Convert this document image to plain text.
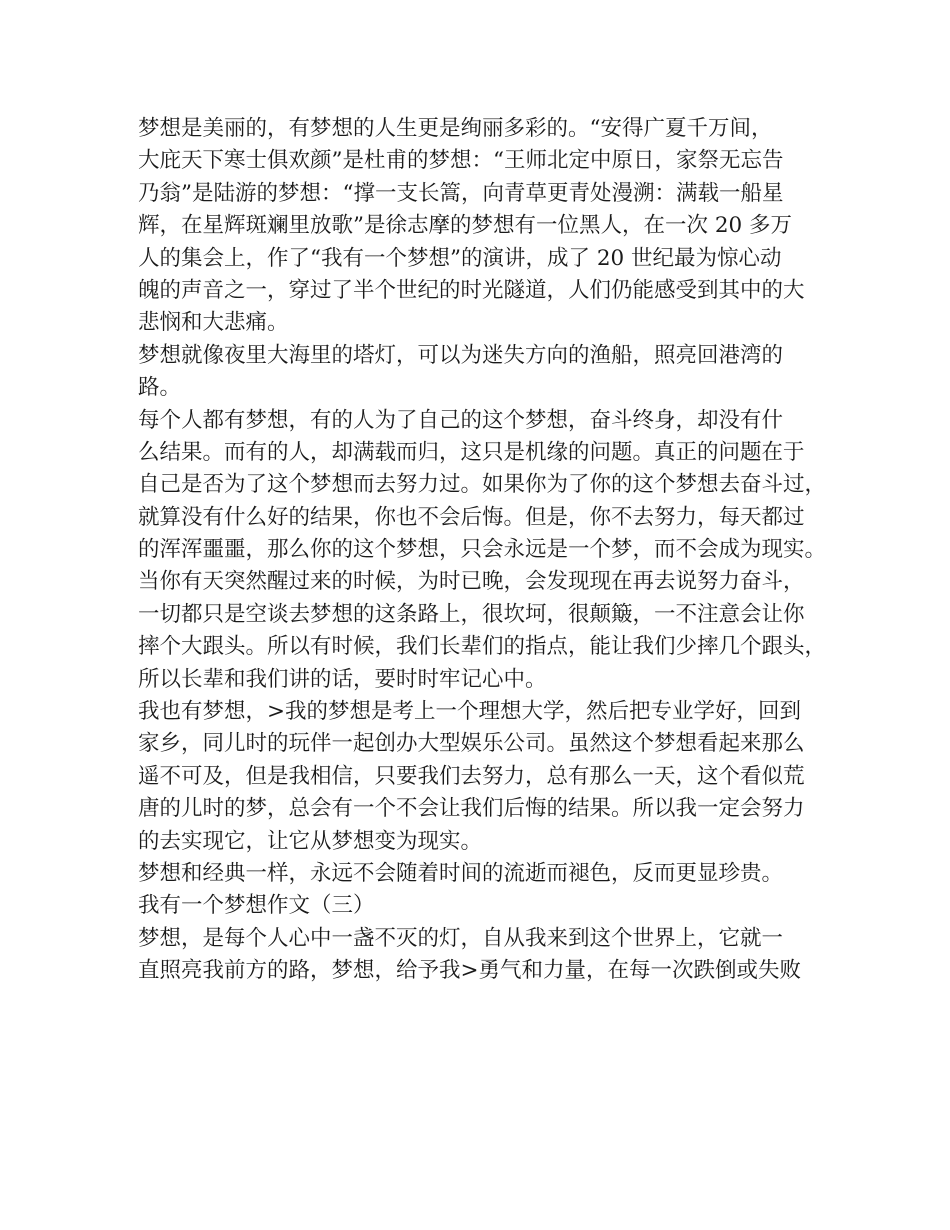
梦想是美丽的，有梦想的人生更是绚丽多彩的。“安得广夏千万间，
大庇天下寒士俱欢颜”是杜甫的梦想：“王师北定中原日，家祭无忘告
乃翁”是陆游的梦想：“撑一支长篙，向青草更青处漫溯：满载一船星
辉，在星辉斑斓里放歌”是徐志摩的梦想有一位黑人，在一次 20 多万
人的集会上，作了“我有一个梦想”的演讲，成了 20 世纪最为惊心动
魄的声音之一，穿过了半个世纪的时光隧道，人们仍能感受到其中的大
悲悯和大悲痛。
梦想就像夜里大海里的塔灯，可以为迷失方向的渔船，照亮回港湾的
路。
每个人都有梦想，有的人为了自己的这个梦想，奋斗终身，却没有什
么结果。而有的人，却满载而归，这只是机缘的问题。真正的问题在于
自己是否为了这个梦想而去努力过。如果你为了你的这个梦想去奋斗过，
就算没有什么好的结果，你也不会后悔。但是，你不去努力，每天都过
的浑浑噩噩，那么你的这个梦想，只会永远是一个梦，而不会成为现实。
当你有天突然醒过来的时候，为时已晚，会发现现在再去说努力奋斗，
一切都只是空谈去梦想的这条路上，很坎坷，很颠簸，一不注意会让你
摔个大跟头。所以有时候，我们长辈们的指点，能让我们少摔几个跟头，
所以长辈和我们讲的话，要时时牢记心中。
我也有梦想，>我的梦想是考上一个理想大学，然后把专业学好，回到
家乡，同儿时的玩伴一起创办大型娱乐公司。虽然这个梦想看起来那么
遥不可及，但是我相信，只要我们去努力，总有那么一天，这个看似荒
唐的儿时的梦，总会有一个不会让我们后悔的结果。所以我一定会努力
的去实现它，让它从梦想变为现实。
梦想和经典一样，永远不会随着时间的流逝而褪色，反而更显珍贵。
我有一个梦想作文（三）
梦想，是每个人心中一盏不灭的灯，自从我来到这个世界上，它就一
直照亮我前方的路，梦想，给予我>勇气和力量，在每一次跌倒或失败
